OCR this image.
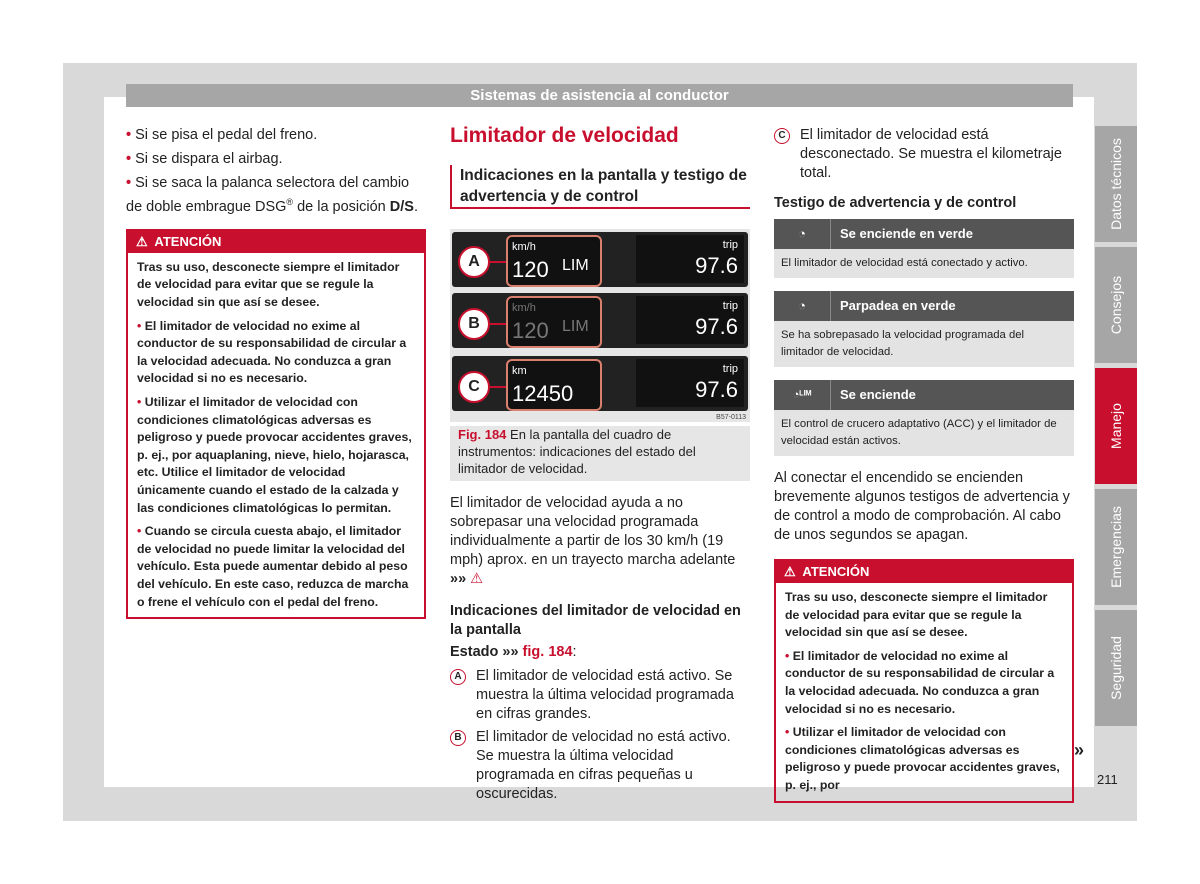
Sistemas de asistencia al conductor
• Si se pisa el pedal del freno.
• Si se dispara el airbag.
• Si se saca la palanca selectora del cambio de doble embrague DSG® de la posición D/S.
⚠ ATENCIÓN

Tras su uso, desconecte siempre el limitador de velocidad para evitar que se regule la velocidad sin que así se desee.

• El limitador de velocidad no exime al conductor de su responsabilidad de circular a la velocidad adecuada. No conduzca a gran velocidad si no es necesario.

• Utilizar el limitador de velocidad con condiciones climatológicas adversas es peligroso y puede provocar accidentes graves, p. ej., por aquaplaning, nieve, hielo, hojarasca, etc. Utilice el limitador de velocidad únicamente cuando el estado de la calzada y las condiciones climatológicas lo permitan.

• Cuando se circula cuesta abajo, el limitador de velocidad no puede limitar la velocidad del vehículo. Esta puede aumentar debido al peso del vehículo. En este caso, reduzca de marcha o frene el vehículo con el pedal del freno.

Limitador de velocidad
Indicaciones en la pantalla y testigo de advertencia y de control
km/h
120 LIM
trip
97.6
A
km/h
120 LIM
trip
97.6
B
km
12450
trip
97.6
C
B57-0113
Fig. 184 En la pantalla del cuadro de instrumentos: indicaciones del estado del limitador de velocidad.
El limitador de velocidad ayuda a no sobrepasar una velocidad programada individualmente a partir de los 30 km/h (19 mph) aprox. en un trayecto marcha adelante »» ⚠
Indicaciones del limitador de velocidad en la pantalla
Estado »» fig. 184:
A El limitador de velocidad está activo. Se muestra la última velocidad programada en cifras grandes.
B El limitador de velocidad no está activo. Se muestra la última velocidad programada en cifras pequeñas u oscurecidas.
C El limitador de velocidad está desconectado. Se muestra el kilometraje total.
Testigo de advertencia y de control
◔	Se enciende en verde
El limitador de velocidad está conectado y activo.
◔	Parpadea en verde
Se ha sobrepasado la velocidad programada del limitador de velocidad.
◔ᴸᴵᴹ	Se enciende
El control de crucero adaptativo (ACC) y el limitador de velocidad están activos.
Al conectar el encendido se encienden brevemente algunos testigos de advertencia y de control a modo de comprobación. Al cabo de unos segundos se apagan.
⚠ ATENCIÓN

Tras su uso, desconecte siempre el limitador de velocidad para evitar que se regule la velocidad sin que así se desee.

• El limitador de velocidad no exime al conductor de su responsabilidad de circular a la velocidad adecuada. No conduzca a gran velocidad si no es necesario.

• Utilizar el limitador de velocidad con condiciones climatológicas adversas es peligroso y puede provocar accidentes graves, p. ej., por

»
Datos técnicos
Consejos
Manejo
Emergencias
Seguridad
211
